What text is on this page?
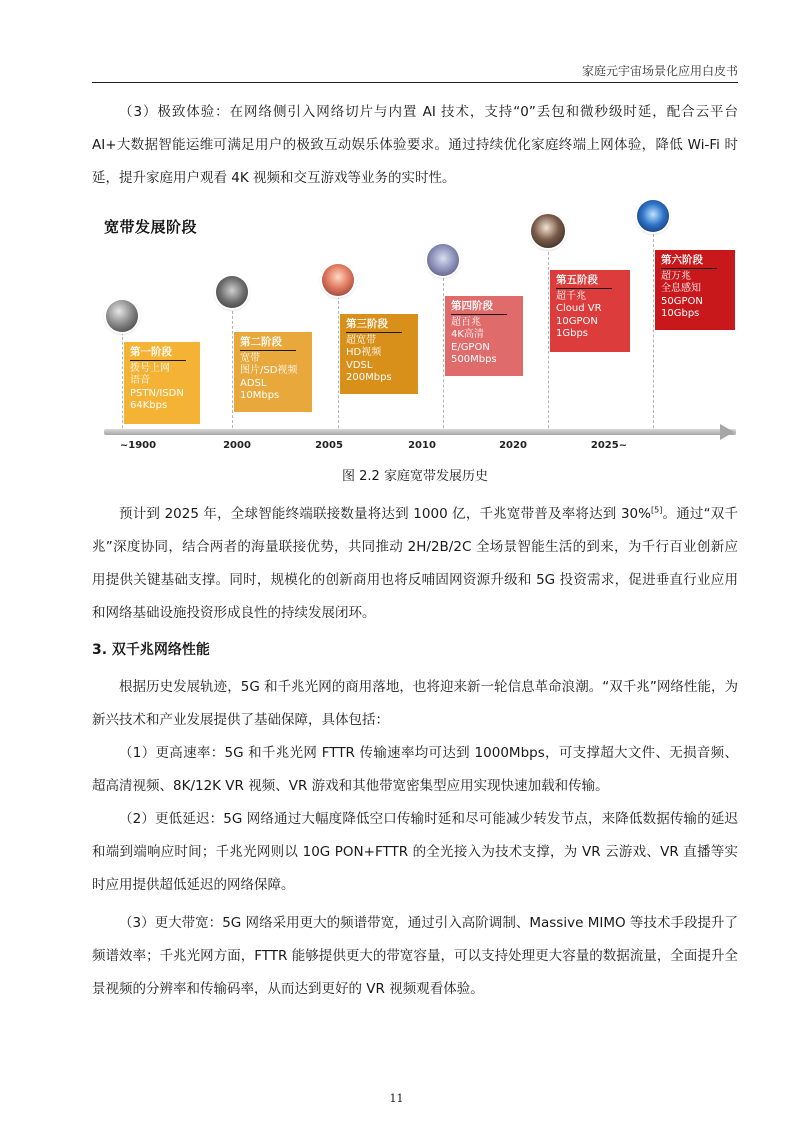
家庭元宇宙场景化应用白皮书

（3）极致体验：在网络侧引入网络切片与内置 AI 技术，支持“0”丢包和微秒级时延，配合云平台 AI+大数据智能运维可满足用户的极致互动娱乐体验要求。通过持续优化家庭终端上网体验，降低 Wi-Fi 时延，提升家庭用户观看 4K 视频和交互游戏等业务的实时性。

宽带发展阶段
~1900	2000	2005	2010	2020	2025~
第一阶段
拨号上网
语音
PSTN/ISDN
64Kbps
第二阶段
宽带
图片/SD视频
ADSL
10Mbps
第三阶段
超宽带
HD视频
VDSL
200Mbps
第四阶段
超百兆
4K高清
E/GPON
500Mbps
第五阶段
超千兆
Cloud VR
10GPON
1Gbps
第六阶段
超万兆
全息感知
50GPON
10Gbps
图 2.2 家庭宽带发展历史

预计到 2025 年，全球智能终端联接数量将达到 1000 亿，千兆宽带普及率将达到 30%[5]。通过“双千兆”深度协同，结合两者的海量联接优势，共同推动 2H/2B/2C 全场景智能生活的到来，为千行百业创新应用提供关键基础支撑。同时，规模化的创新商用也将反哺固网资源升级和 5G 投资需求，促进垂直行业应用和网络基础设施投资形成良性的持续发展闭环。

3. 双千兆网络性能

根据历史发展轨迹，5G 和千兆光网的商用落地，也将迎来新一轮信息革命浪潮。“双千兆”网络性能，为新兴技术和产业发展提供了基础保障，具体包括：

（1）更高速率：5G 和千兆光网 FTTR 传输速率均可达到 1000Mbps，可支撑超大文件、无损音频、超高清视频、8K/12K VR 视频、VR 游戏和其他带宽密集型应用实现快速加载和传输。

（2）更低延迟：5G 网络通过大幅度降低空口传输时延和尽可能减少转发节点，来降低数据传输的延迟和端到端响应时间；千兆光网则以 10G PON+FTTR 的全光接入为技术支撑，为 VR 云游戏、VR 直播等实时应用提供超低延迟的网络保障。

（3）更大带宽：5G 网络采用更大的频谱带宽，通过引入高阶调制、Massive MIMO 等技术手段提升了频谱效率；千兆光网方面，FTTR 能够提供更大的带宽容量，可以支持处理更大容量的数据流量，全面提升全景视频的分辨率和传输码率，从而达到更好的 VR 视频观看体验。

11
